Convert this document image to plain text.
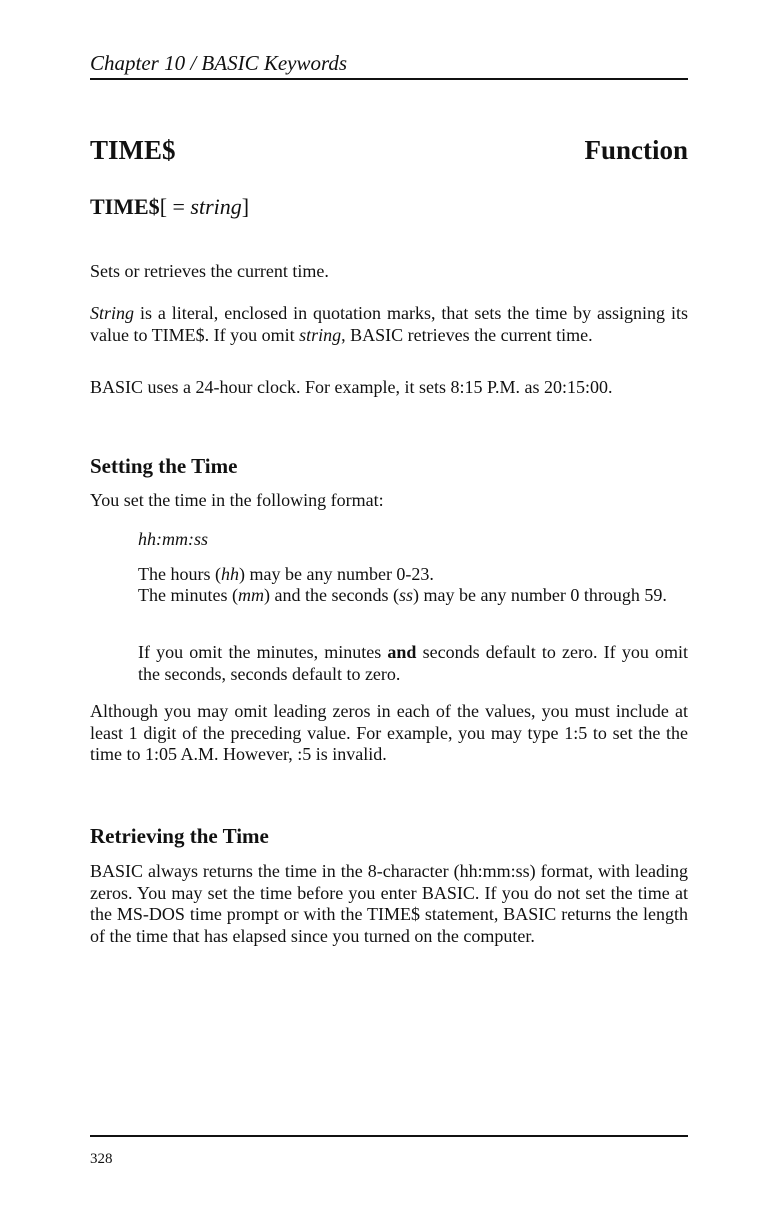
Chapter 10 / BASIC Keywords
TIME$	Function
TIME$[ = string]

Sets or retrieves the current time.

String is a literal, enclosed in quotation marks, that sets the time by assigning its value to TIME$. If you omit string, BASIC retrieves the current time.

BASIC uses a 24-hour clock. For example, it sets 8:15 P.M. as 20:15:00.

Setting the Time

You set the time in the following format:

hh:mm:ss

The hours (hh) may be any number 0-23.

The minutes (mm) and the seconds (ss) may be any number 0 through 59.

If you omit the minutes, minutes and seconds default to zero. If you omit the seconds, seconds default to zero.

Although you may omit leading zeros in each of the values, you must include at least 1 digit of the preceding value. For example, you may type 1:5 to set the the time to 1:05 A.M. However, :5 is invalid.

Retrieving the Time

BASIC always returns the time in the 8-character (hh:mm:ss) format, with leading zeros. You may set the time before you enter BASIC. If you do not set the time at the MS-DOS time prompt or with the TIME$ statement, BASIC returns the length of the time that has elapsed since you turned on the computer.

328
